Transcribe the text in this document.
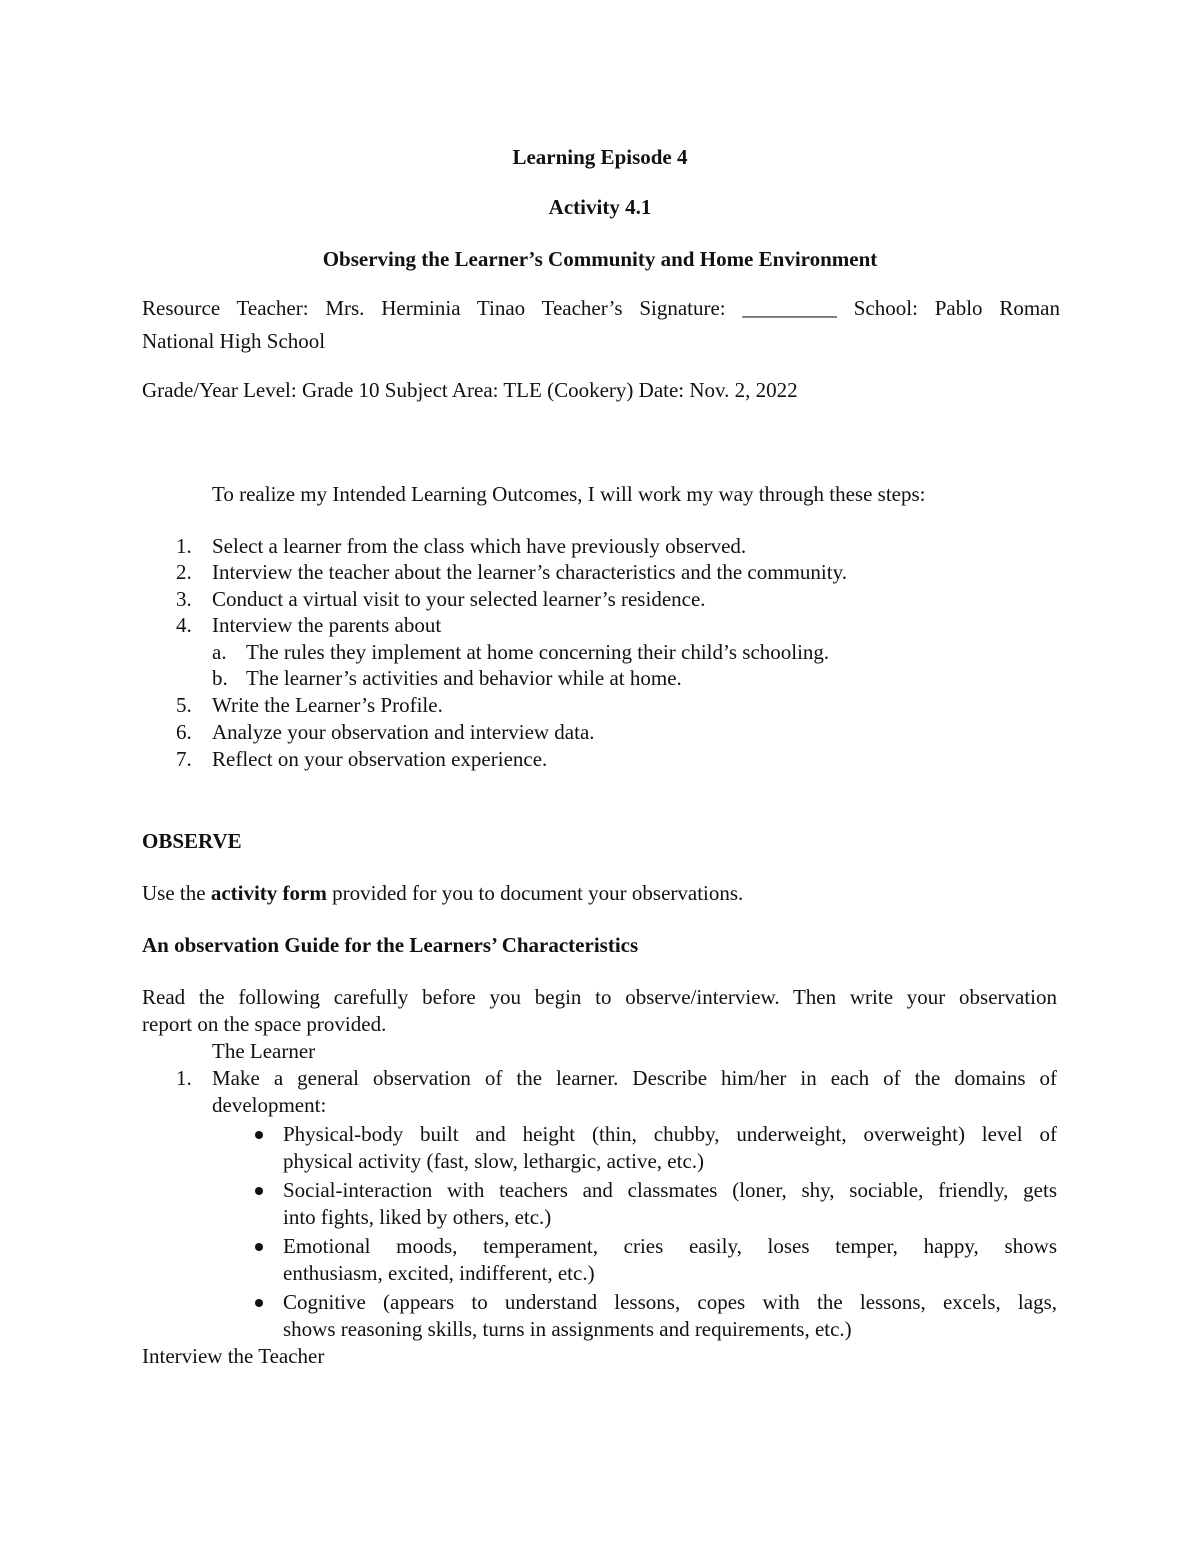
Learning Episode 4
Activity 4.1
Observing the Learner’s Community and Home Environment
Resource Teacher: Mrs. Herminia Tinao Teacher’s Signature: _________ School: Pablo Roman
National High School
Grade/Year Level: Grade 10 Subject Area: TLE (Cookery) Date: Nov. 2, 2022
To realize my Intended Learning Outcomes, I will work my way through these steps:
1. Select a learner from the class which have previously observed.
2. Interview the teacher about the learner’s characteristics and the community.
3. Conduct a virtual visit to your selected learner’s residence.
4. Interview the parents about
a. The rules they implement at home concerning their child’s schooling.
b. The learner’s activities and behavior while at home.
5. Write the Learner’s Profile.
6. Analyze your observation and interview data.
7. Reflect on your observation experience.
OBSERVE
Use the activity form provided for you to document your observations.
An observation Guide for the Learners’ Characteristics
Read the following carefully before you begin to observe/interview. Then write your observation
report on the space provided.
The Learner
1. Make a general observation of the learner. Describe him/her in each of the domains of
development:
Physical-body built and height (thin, chubby, underweight, overweight) level of
physical activity (fast, slow, lethargic, active, etc.)
Social-interaction with teachers and classmates (loner, shy, sociable, friendly, gets
into fights, liked by others, etc.)
Emotional moods, temperament, cries easily, loses temper, happy, shows
enthusiasm, excited, indifferent, etc.)
Cognitive (appears to understand lessons, copes with the lessons, excels, lags,
shows reasoning skills, turns in assignments and requirements, etc.)
Interview the Teacher
